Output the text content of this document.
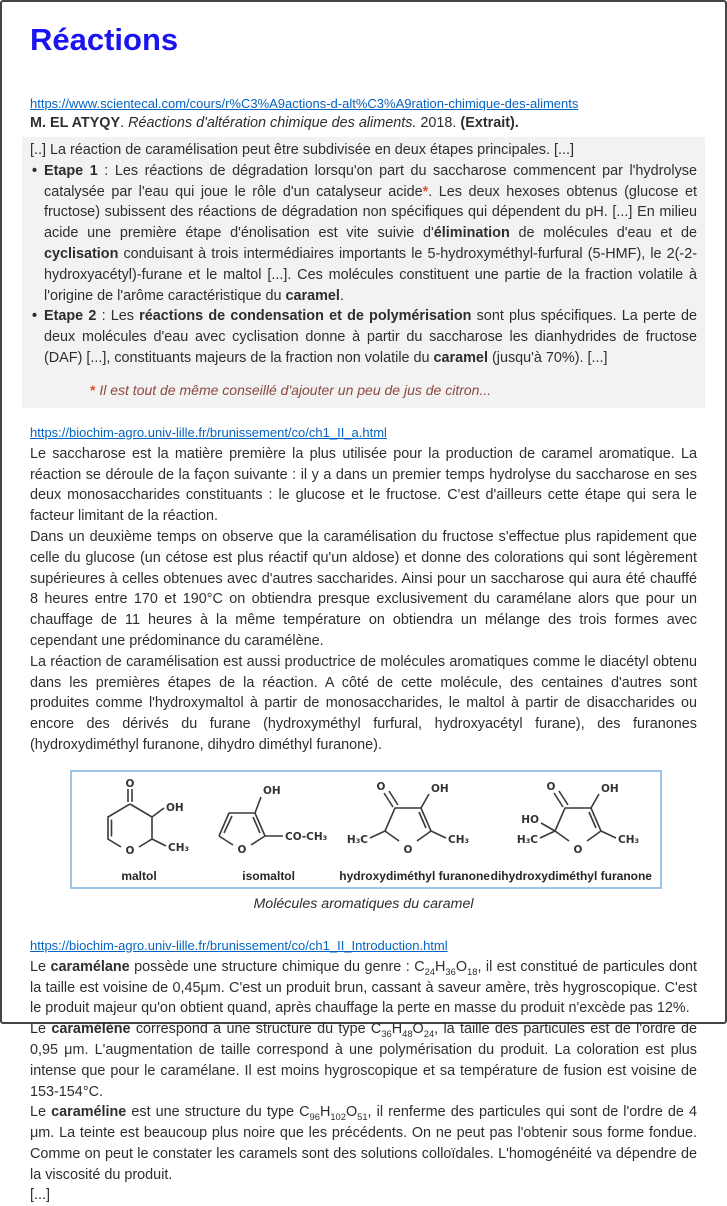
Réactions
https://www.scientecal.com/cours/r%C3%A9actions-d-alt%C3%A9ration-chimique-des-aliments
M. EL ATYQY. Réactions d'altération chimique des aliments. 2018. (Extrait).
[..] La réaction de caramélisation peut être subdivisée en deux étapes principales. [...]
• Etape 1 : Les réactions de dégradation lorsqu'on part du saccharose commencent par l'hydrolyse catalysée par l'eau qui joue le rôle d'un catalyseur acide*. Les deux hexoses obtenus (glucose et fructose) subissent des réactions de dégradation non spécifiques qui dépendent du pH. [...] En milieu acide une première étape d'énolisation est vite suivie d'élimination de molécules d'eau et de cyclisation conduisant à trois intermédiaires importants le 5-hydroxyméthyl-furfural (5-HMF), le 2(-2-hydroxyacétyl)-furane et le maltol [...]. Ces molécules constituent une partie de la fraction volatile à l'origine de l'arôme caractéristique du caramel.
• Etape 2 : Les réactions de condensation et de polymérisation sont plus spécifiques. La perte de deux molécules d'eau avec cyclisation donne à partir du saccharose les dianhydrides de fructose (DAF) [...], constituants majeurs de la fraction non volatile du caramel (jusqu'à 70%). [...]
* Il est tout de même conseillé d'ajouter un peu de jus de citron...
https://biochim-agro.univ-lille.fr/brunissement/co/ch1_II_a.html
Le saccharose est la matière première la plus utilisée pour la production de caramel aromatique. La réaction se déroule de la façon suivante : il y a dans un premier temps hydrolyse du saccharose en ses deux monosaccharides constituants : le glucose et le fructose. C'est d'ailleurs cette étape qui sera le facteur limitant de la réaction.
Dans un deuxième temps on observe que la caramélisation du fructose s'effectue plus rapidement que celle du glucose (un cétose est plus réactif qu'un aldose) et donne des colorations qui sont légèrement supérieures à celles obtenues avec d'autres saccharides. Ainsi pour un saccharose qui aura été chauffé 8 heures entre 170 et 190°C on obtiendra presque exclusivement du caramélane alors que pour un chauffage de 11 heures à la même température on obtiendra un mélange des trois formes avec cependant une prédominance du caramélène.
La réaction de caramélisation est aussi productrice de molécules aromatiques comme le diacétyl obtenu dans les premières étapes de la réaction. A côté de cette molécule, des centaines d'autres sont produites comme l'hydroxymaltol à partir de monosaccharides, le maltol à partir de disaccharides ou encore des dérivés du furane (hydroxyméthyl furfural, hydroxyacétyl furane), des furanones (hydroxydiméthyl furanone, dihydro diméthyl furanone).
O
OH
CH₃
O
maltol
O
OH
CO-CH₃
isomaltol
O
O	OH
H₃C	CH₃
hydroxydiméthyl furanone
O
O	OH
HO
H₃C	CH₃
dihydroxydiméthyl furanone
Molécules aromatiques du caramel
https://biochim-agro.univ-lille.fr/brunissement/co/ch1_II_Introduction.html
Le caramélane possède une structure chimique du genre : $C_{24}H_{36}O_{18}$, il est constitué de particules dont la taille est voisine de 0,45μm. C'est un produit brun, cassant à saveur amère, très hygroscopique. C'est le produit majeur qu'on obtient quand, après chauffage la perte en masse du produit n'excède pas 12%.
Le caramélène correspond à une structure du type $C_{36}H_{48}O_{24}$, la taille des particules est de l'ordre de 0,95 μm. L'augmentation de taille correspond à une polymérisation du produit. La coloration est plus intense que pour le caramélane. Il est moins hygroscopique et sa température de fusion est voisine de 153-154°C.
Le caraméline est une structure du type $C_{96}H_{102}O_{51}$, il renferme des particules qui sont de l'ordre de 4 μm. La teinte est beaucoup plus noire que les précédents. On ne peut pas l'obtenir sous forme fondue. Comme on peut le constater les caramels sont des solutions colloïdales. L'homogénéité va dépendre de la viscosité du produit.
[...]
